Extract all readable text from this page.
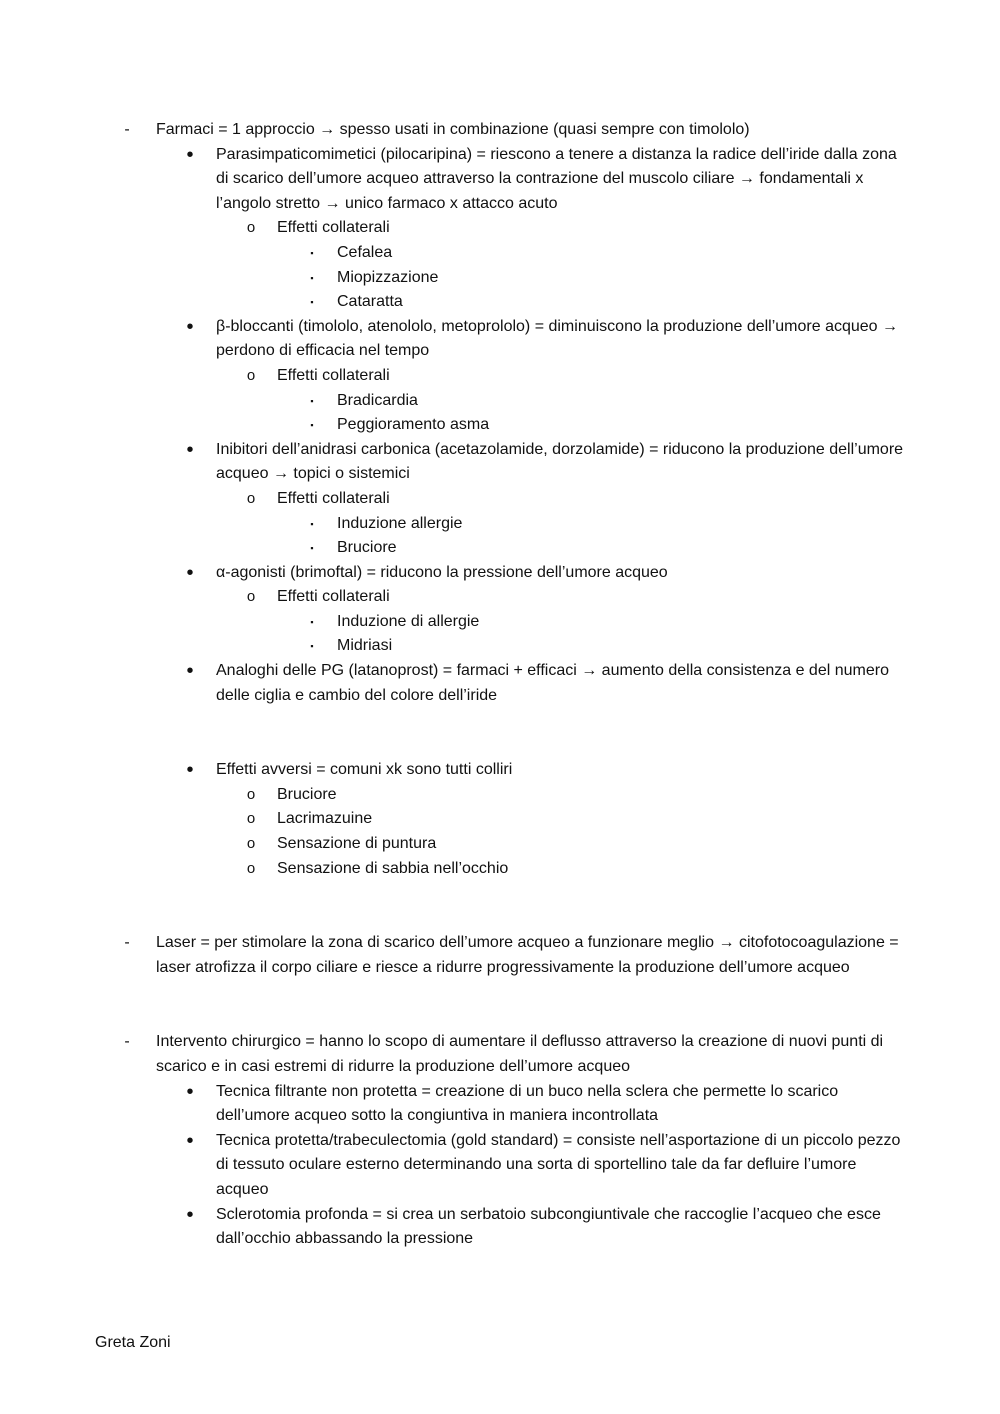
- Farmaci = 1 approccio → spesso usati in combinazione (quasi sempre con timololo)
• Parasimpaticomimetici (pilocaripina) = riescono a tenere a distanza la radice dell’iride dalla zona di scarico dell’umore acqueo attraverso la contrazione del muscolo ciliare → fondamentali x l’angolo stretto → unico farmaco x attacco acuto
o Effetti collaterali
▪	Cefalea
▪	Miopizzazione
▪	Cataratta
• β-bloccanti (timololo, atenololo, metoprololo) = diminuiscono la produzione dell’umore acqueo → perdono di efficacia nel tempo
o Effetti collaterali
▪	Bradicardia
▪	Peggioramento asma
• Inibitori dell’anidrasi carbonica (acetazolamide, dorzolamide) = riducono la produzione dell’umore acqueo → topici o sistemici
o Effetti collaterali
▪	Induzione allergie
▪	Bruciore
• α-agonisti (brimoftal) = riducono la pressione dell’umore acqueo
o Effetti collaterali
▪	Induzione di allergie
▪	Midriasi
• Analoghi delle PG (latanoprost) = farmaci + efficaci → aumento della consistenza e del numero delle ciglia e cambio del colore dell’iride
• Effetti avversi = comuni xk sono tutti colliri
o Bruciore
o Lacrimazuine
o Sensazione di puntura
o Sensazione di sabbia nell’occhio
- Laser = per stimolare la zona di scarico dell’umore acqueo a funzionare meglio → citofotocoagulazione = laser atrofizza il corpo ciliare e riesce a ridurre progressivamente la produzione dell’umore acqueo
- Intervento chirurgico = hanno lo scopo di aumentare il deflusso attraverso la creazione di nuovi punti di scarico e in casi estremi di ridurre la produzione dell’umore acqueo
• Tecnica filtrante non protetta = creazione di un buco nella sclera che permette lo scarico dell’umore acqueo sotto la congiuntiva in maniera incontrollata
• Tecnica protetta/trabeculectomia (gold standard) = consiste nell’asportazione di un piccolo pezzo di tessuto oculare esterno determinando una sorta di sportellino tale da far defluire l’umore acqueo
• Sclerotomia profonda = si crea un serbatoio subcongiuntivale che raccoglie l’acqueo che esce dall’occhio abbassando la pressione
Greta Zoni
